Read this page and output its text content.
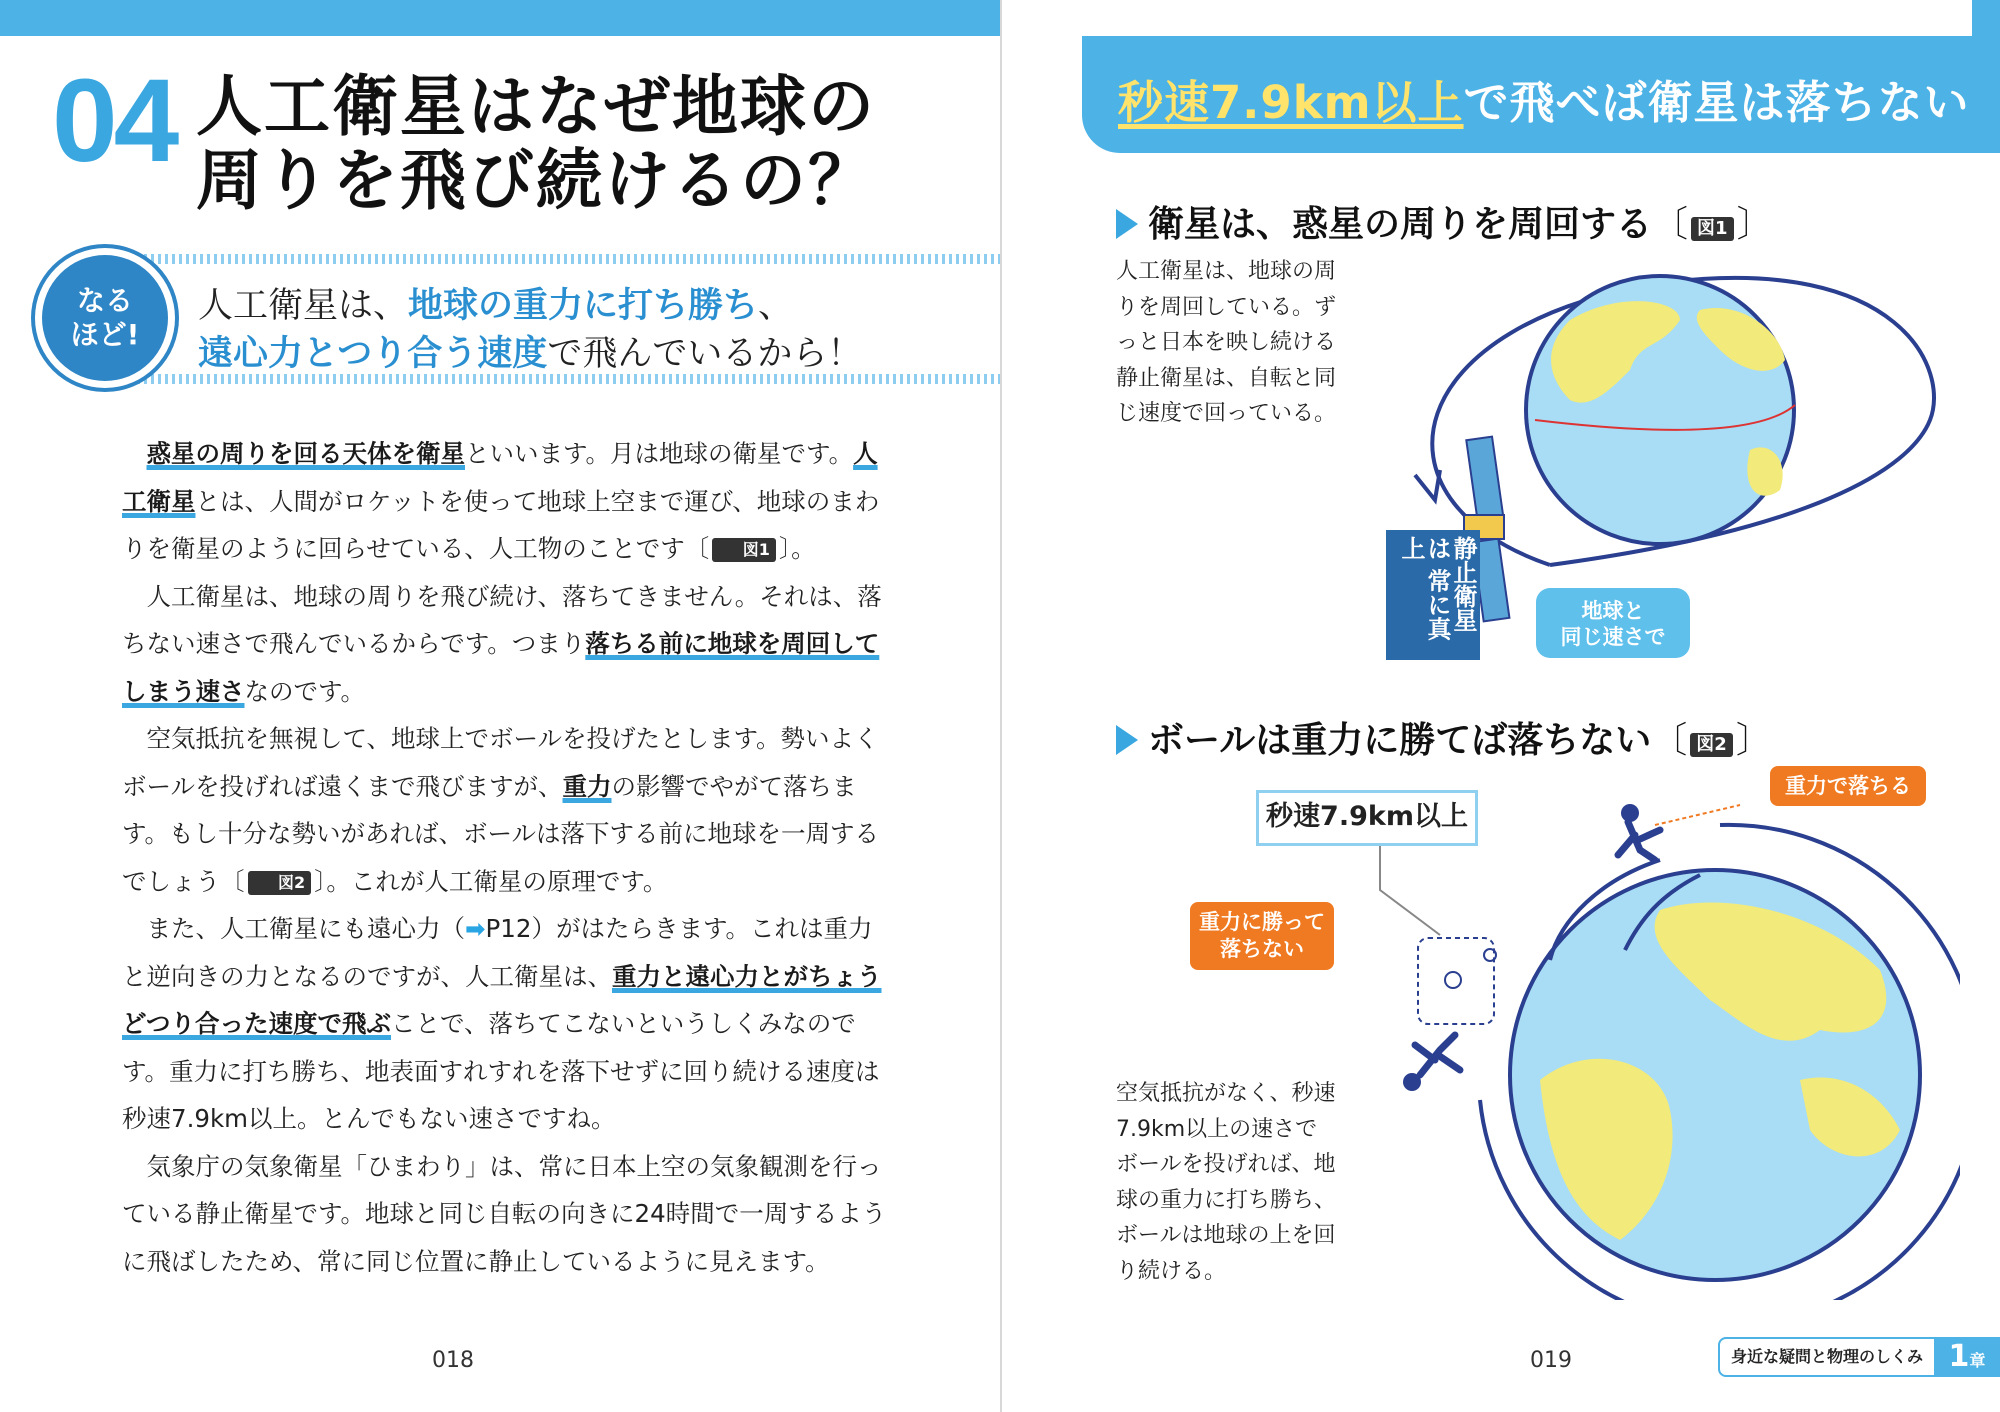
04 人工衛星はなぜ地球の
周りを飛び続けるの？
なる
ほど!
人工衛星は、地球の重力に打ち勝ち、
遠心力とつり合う速度で飛んでいるから！

惑星の周りを回る天体を衛星といいます。月は地球の衛星です。人工衛星とは、人間がロケットを使って地球上空まで運び、地球のまわりを衛星のように回らせている、人工物のことです〔 図1 〕。

人工衛星は、地球の周りを飛び続け、落ちてきません。それは、落ちない速さで飛んでいるからです。つまり落ちる前に地球を周回してしまう速さなのです。

空気抵抗を無視して、地球上でボールを投げたとします。勢いよくボールを投げれば遠くまで飛びますが、重力の影響でやがて落ちます。もし十分な勢いがあれば、ボールは落下する前に地球を一周するでしょう〔 図2 〕。これが人工衛星の原理です。

また、人工衛星にも遠心力（➡P12）がはたらきます。これは重力と逆向きの力となるのですが、人工衛星は、重力と遠心力とがちょうどつり合った速度で飛ぶことで、落ちてこないというしくみなのです。重力に打ち勝ち、地表面すれすれを落下せずに回り続ける速度は秒速7.9km以上。とんでもない速さですね。

気象庁の気象衛星「ひまわり」は、常に日本上空の気象観測を行っている静止衛星です。地球と同じ自転の向きに24時間で一周するように飛ばしたため、常に同じ位置に静止しているように見えます。

018
秒速7.9km以上で飛べば衛星は落ちない
衛星は、惑星の周りを周回する〔 図1 〕
人工衛星は、地球の周
りを周回している。ず
っと日本を映し続ける
静止衛星は、自転と同
じ速度で回っている。
静止衛星は 常に真上
地球と
同じ速さで
ボールは重力に勝てば落ちない〔 図2 〕
秒速7.9km以上
重力で落ちる
重力に勝って
落ちない
空気抵抗がなく、秒速
7.9km以上の速さで
ボールを投げれば、地
球の重力に打ち勝ち、
ボールは地球の上を回
り続ける。
019	身近な疑問と物理のしくみ 1章
